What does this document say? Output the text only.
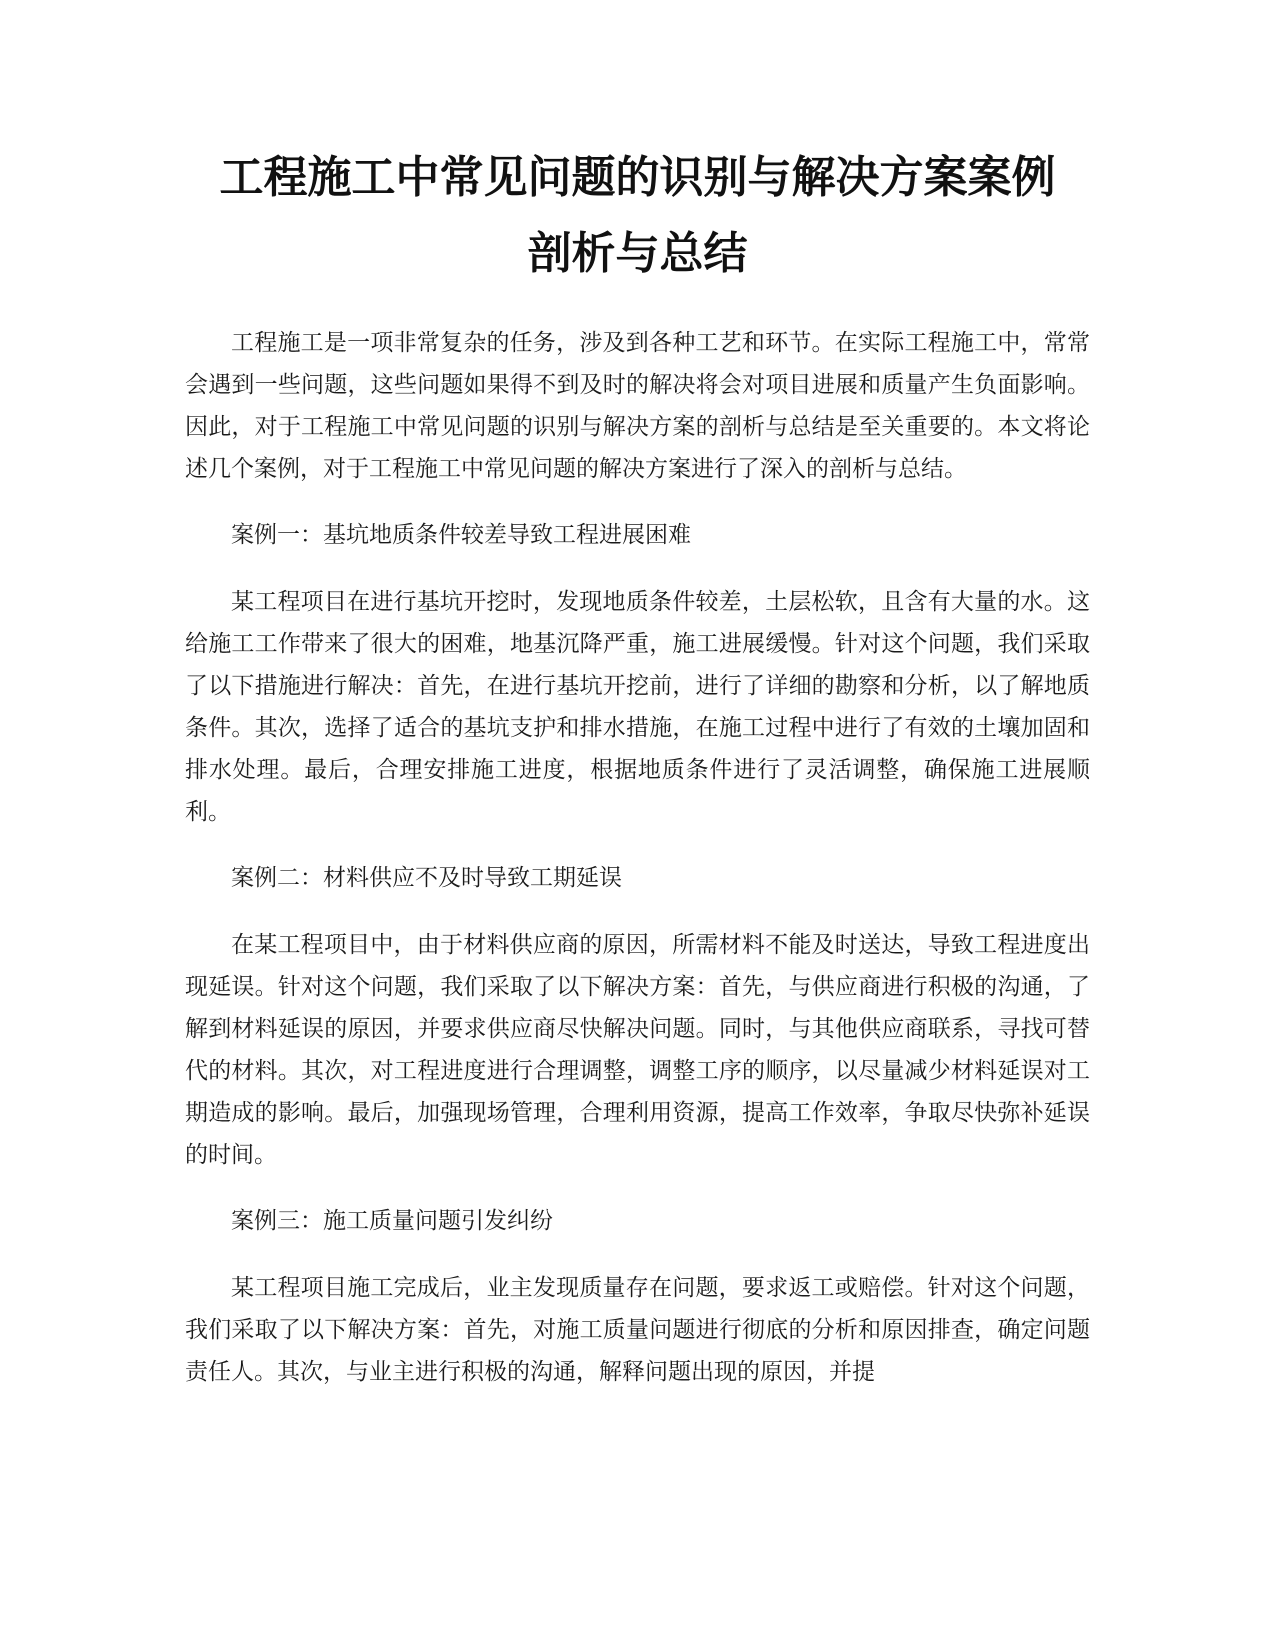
工程施工中常见问题的识别与解决方案案例
剖析与总结

工程施工是一项非常复杂的任务，涉及到各种工艺和环节。在实际工程施工中，常常会遇到一些问题，这些问题如果得不到及时的解决将会对项目进展和质量产生负面影响。因此，对于工程施工中常见问题的识别与解决方案的剖析与总结是至关重要的。本文将论述几个案例，对于工程施工中常见问题的解决方案进行了深入的剖析与总结。

案例一：基坑地质条件较差导致工程进展困难

某工程项目在进行基坑开挖时，发现地质条件较差，土层松软，且含有大量的水。这给施工工作带来了很大的困难，地基沉降严重，施工进展缓慢。针对这个问题，我们采取了以下措施进行解决：首先，在进行基坑开挖前，进行了详细的勘察和分析，以了解地质条件。其次，选择了适合的基坑支护和排水措施，在施工过程中进行了有效的土壤加固和排水处理。最后，合理安排施工进度，根据地质条件进行了灵活调整，确保施工进展顺利。

案例二：材料供应不及时导致工期延误

在某工程项目中，由于材料供应商的原因，所需材料不能及时送达，导致工程进度出现延误。针对这个问题，我们采取了以下解决方案：首先，与供应商进行积极的沟通，了解到材料延误的原因，并要求供应商尽快解决问题。同时，与其他供应商联系，寻找可替代的材料。其次，对工程进度进行合理调整，调整工序的顺序，以尽量减少材料延误对工期造成的影响。最后，加强现场管理，合理利用资源，提高工作效率，争取尽快弥补延误的时间。

案例三：施工质量问题引发纠纷

某工程项目施工完成后，业主发现质量存在问题，要求返工或赔偿。针对这个问题，我们采取了以下解决方案：首先，对施工质量问题进行彻底的分析和原因排查，确定问题责任人。其次，与业主进行积极的沟通，解释问题出现的原因，并提
